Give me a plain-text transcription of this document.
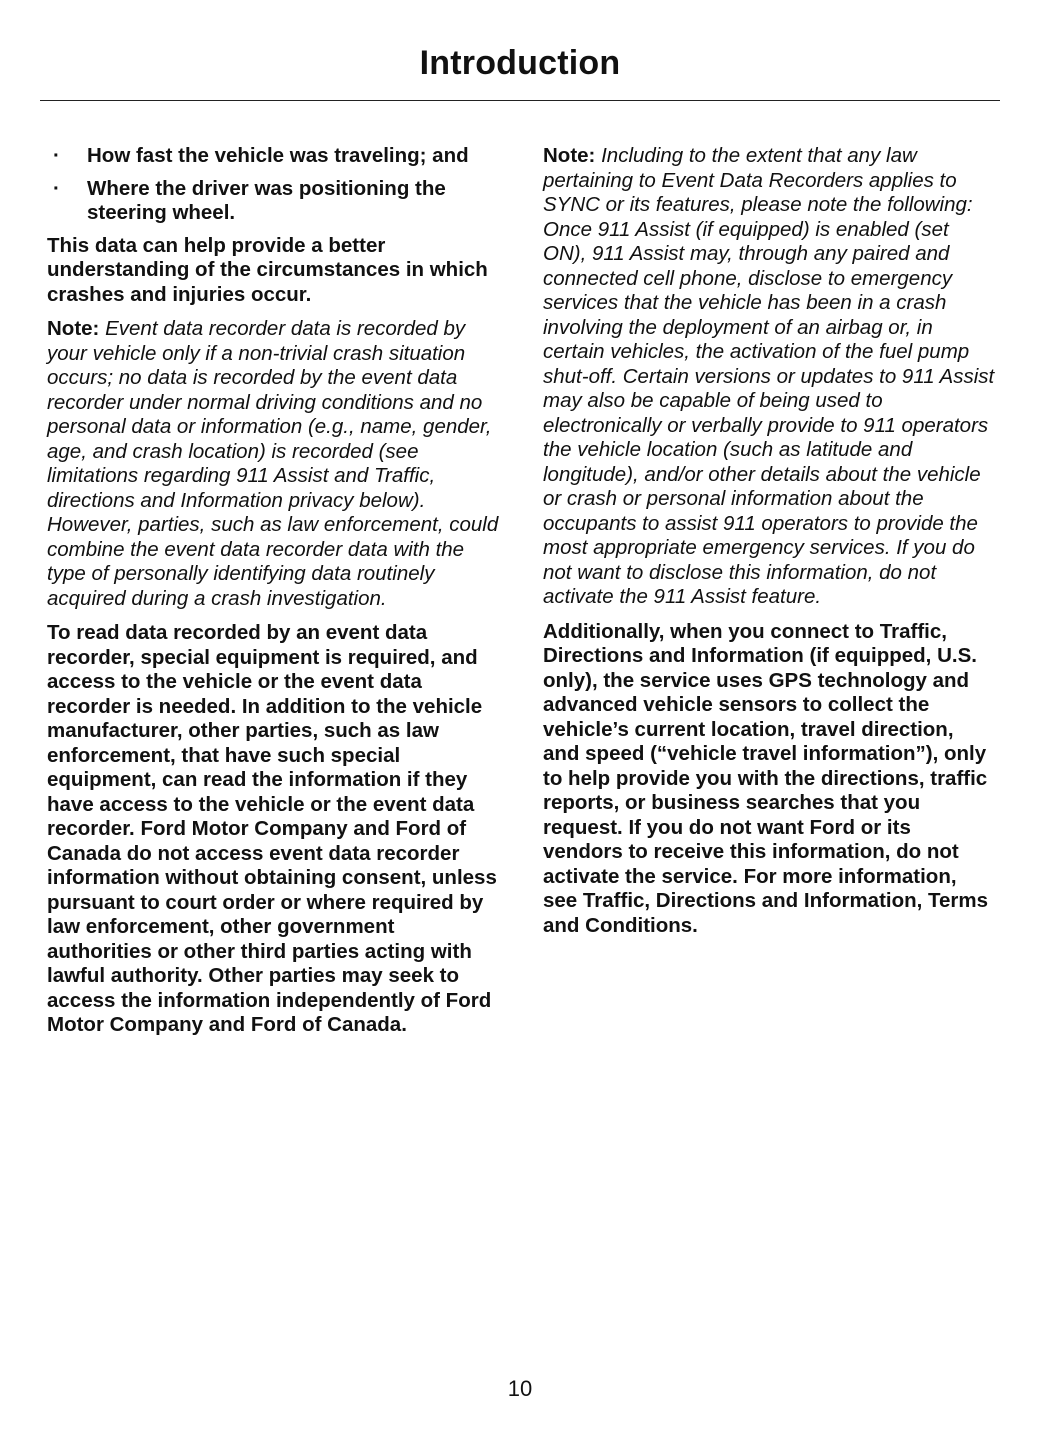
Introduction
· How fast the vehicle was traveling; and
· Where the driver was positioning the steering wheel.

This data can help provide a better understanding of the circumstances in which crashes and injuries occur.

Note: Event data recorder data is recorded by your vehicle only if a non-trivial crash situation occurs; no data is recorded by the event data recorder under normal driving conditions and no personal data or information (e.g., name, gender, age, and crash location) is recorded (see limitations regarding 911 Assist and Traffic, directions and Information privacy below). However, parties, such as law enforcement, could combine the event data recorder data with the type of personally identifying data routinely acquired during a crash investigation.

To read data recorded by an event data recorder, special equipment is required, and access to the vehicle or the event data recorder is needed. In addition to the vehicle manufacturer, other parties, such as law enforcement, that have such special equipment, can read the information if they have access to the vehicle or the event data recorder. Ford Motor Company and Ford of Canada do not access event data recorder information without obtaining consent, unless pursuant to court order or where required by law enforcement, other government authorities or other third parties acting with lawful authority. Other parties may seek to access the information independently of Ford Motor Company and Ford of Canada.

Note: Including to the extent that any law pertaining to Event Data Recorders applies to SYNC or its features, please note the following: Once 911 Assist (if equipped) is enabled (set ON), 911 Assist may, through any paired and connected cell phone, disclose to emergency services that the vehicle has been in a crash involving the deployment of an airbag or, in certain vehicles, the activation of the fuel pump shut-off. Certain versions or updates to 911 Assist may also be capable of being used to electronically or verbally provide to 911 operators the vehicle location (such as latitude and longitude), and/or other details about the vehicle or crash or personal information about the occupants to assist 911 operators to provide the most appropriate emergency services. If you do not want to disclose this information, do not activate the 911 Assist feature.

Additionally, when you connect to Traffic, Directions and Information (if equipped, U.S. only), the service uses GPS technology and advanced vehicle sensors to collect the vehicle’s current location, travel direction, and speed (“vehicle travel information”), only to help provide you with the directions, traffic reports, or business searches that you request. If you do not want Ford or its vendors to receive this information, do not activate the service. For more information, see Traffic, Directions and Information, Terms and Conditions.

10
